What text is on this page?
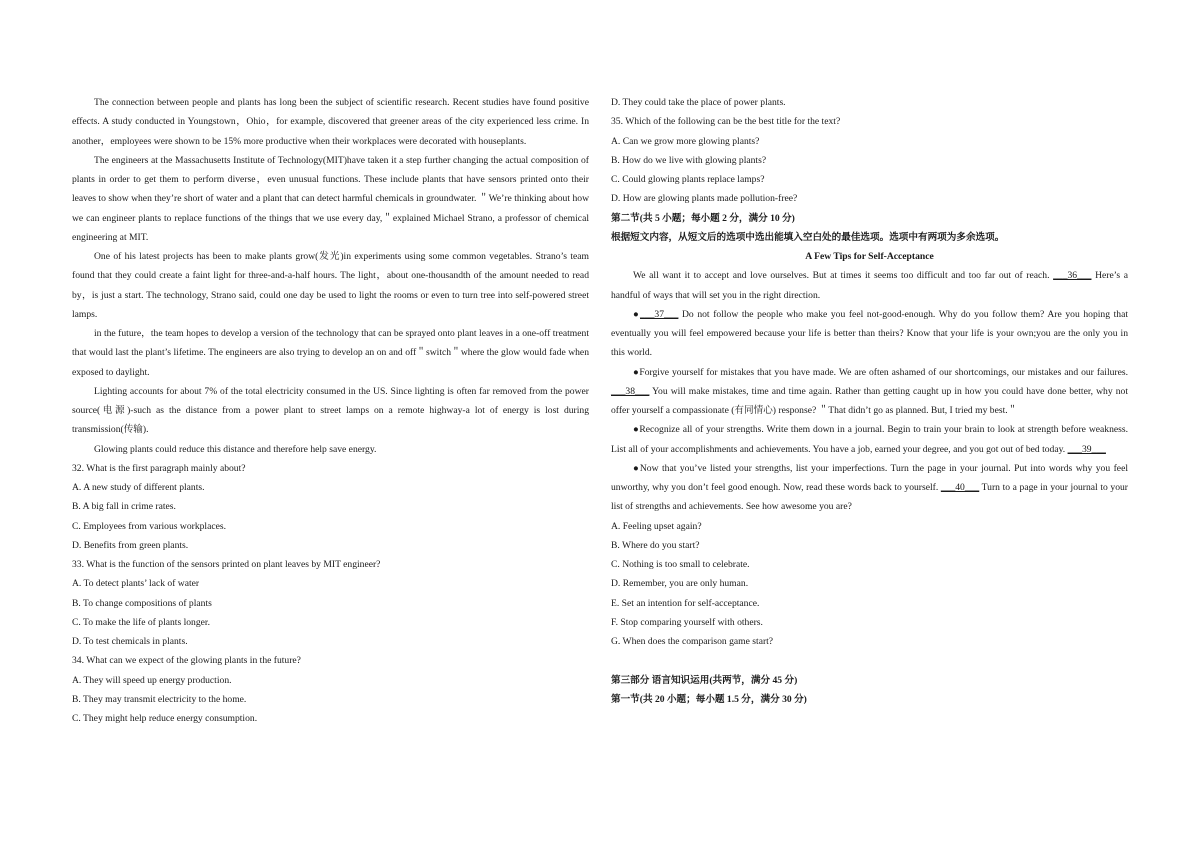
The connection between people and plants has long been the subject of scientific research. Recent studies have found positive effects. A study conducted in Youngstown，Ohio，for example, discovered that greener areas of the city experienced less crime. In another，employees were shown to be 15% more productive when their workplaces were decorated with houseplants.

The engineers at the Massachusetts Institute of Technology(MIT)have taken it a step further changing the actual composition of plants in order to get them to perform diverse，even unusual functions. These include plants that have sensors printed onto their leaves to show when they’re short of water and a plant that can detect harmful chemicals in groundwater. ＂We’re thinking about how we can engineer plants to replace functions of the things that we use every day,＂explained Michael Strano, a professor of chemical engineering at MIT.

One of his latest projects has been to make plants grow(发光)in experiments using some common vegetables. Strano’s team found that they could create a faint light for three-and-a-half hours. The light，about one-thousandth of the amount needed to read by，is just a start. The technology, Strano said, could one day be used to light the rooms or even to turn tree into self-powered street lamps.

in the future，the team hopes to develop a version of the technology that can be sprayed onto plant leaves in a one-off treatment that would last the plant’s lifetime. The engineers are also trying to develop an on and off＂switch＂where the glow would fade when exposed to daylight.

Lighting accounts for about 7% of the total electricity consumed in the US. Since lighting is often far removed from the power source(电源)-such as the distance from a power plant to street lamps on a remote highway-a lot of energy is lost during transmission(传输).

Glowing plants could reduce this distance and therefore help save energy.

32. What is the first paragraph mainly about?

A. A new study of different plants.

B. A big fall in crime rates.

C. Employees from various workplaces.

D. Benefits from green plants.

33. What is the function of the sensors printed on plant leaves by MIT engineer?

A. To detect plants’ lack of water

B. To change compositions of plants

C. To make the life of plants longer.

D. To test chemicals in plants.

34. What can we expect of the glowing plants in the future?

A. They will speed up energy production.

B. They may transmit electricity to the home.

C. They might help reduce energy consumption.

D. They could take the place of power plants.

35. Which of the following can be the best title for the text?

A. Can we grow more glowing plants?

B. How do we live with glowing plants?

C. Could glowing plants replace lamps?

D. How are glowing plants made pollution-free?

第二节(共 5 小题；每小题 2 分，满分 10 分)

根据短文内容，从短文后的选项中选出能填入空白处的最佳选项。选项中有两项为多余选项。

A Few Tips for Self-Acceptance

We all want it to accept and love ourselves. But at times it seems too difficult and too far out of reach. ___36___ Here’s a handful of ways that will set you in the right direction.

●___37___ Do not follow the people who make you feel not-good-enough. Why do you follow them? Are you hoping that eventually you will feel empowered because your life is better than theirs? Know that your life is your own;you are the only you in this world.

●Forgive yourself for mistakes that you have made. We are often ashamed of our shortcomings, our mistakes and our failures. ___38___ You will make mistakes, time and time again. Rather than getting caught up in how you could have done better, why not offer yourself a compassionate (有同情心) response? ＂That didn’t go as planned. But, I tried my best.＂

●Recognize all of your strengths. Write them down in a journal. Begin to train your brain to look at strength before weakness. List all of your accomplishments and achievements. You have a job, earned your degree, and you got out of bed today. ___39___

●Now that you’ve listed your strengths, list your imperfections. Turn the page in your journal. Put into words why you feel unworthy, why you don’t feel good enough. Now, read these words back to yourself. ___40___ Turn to a page in your journal to your list of strengths and achievements. See how awesome you are?

A. Feeling upset again?

B. Where do you start?

C. Nothing is too small to celebrate.

D. Remember, you are only human.

E. Set an intention for self-acceptance.

F. Stop comparing yourself with others.

G. When does the comparison game start?

第三部分 语言知识运用(共两节，满分 45 分)

第一节(共 20 小题；每小题 1.5 分，满分 30 分)
